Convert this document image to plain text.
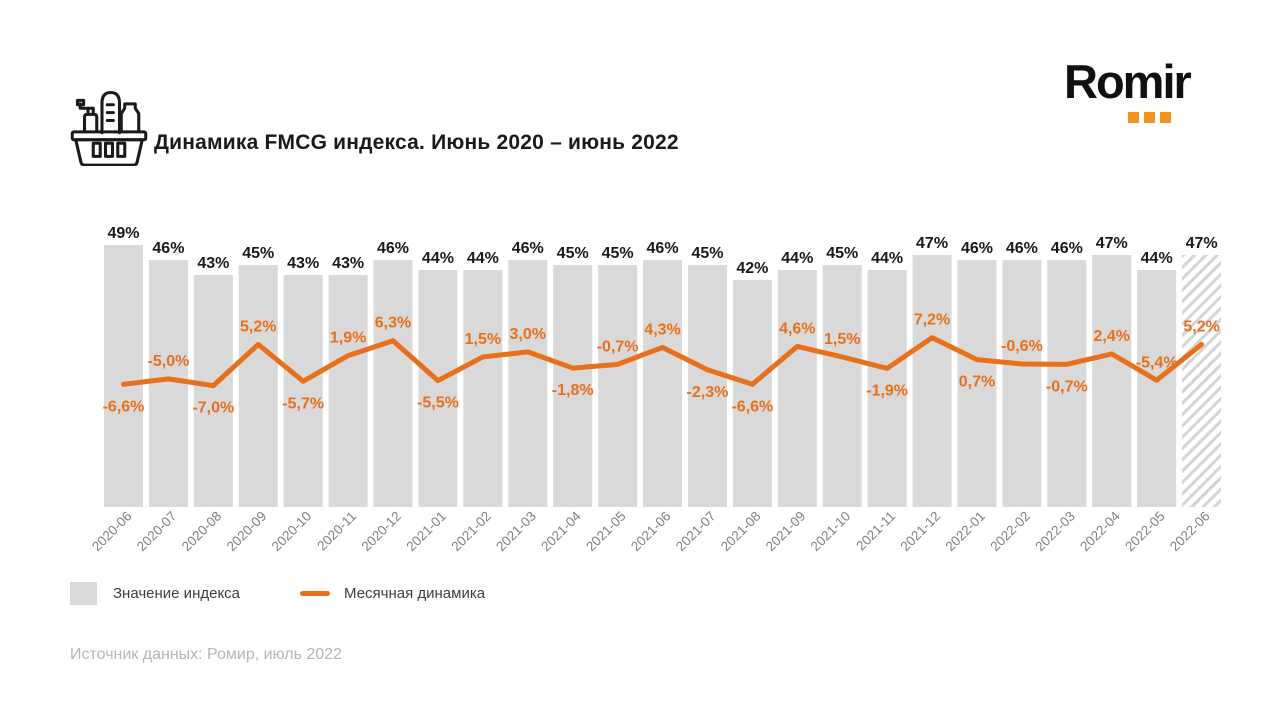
Динамика FMCG индекса. Июнь 2020 – июнь 2022
Romir
49%
46%
43%
45%
43% 43%
46%
44% 44%
46% 45% 45% 46% 45%
42%
44% 45% 44%
47% 46% 46% 46% 47%
44%
47%
2020-06 2020-07 2020-08 2020-09 2020-10 2020-11 2020-12 2021-01 2021-02 2021-03 2021-04 2021-05 2021-06 2021-07 2021-08 2021-09 2021-10 2021-11 2021-12 2022-01 2022-02 2022-03 2022-04 2022-05 2022-06
-6,6%
-5,0%
-7,0%
5,2%
-5,7%
1,9%
6,3%
-5,5%
1,5% 3,0%
-1,8%
-0,7%
4,3%
-2,3%
-6,6%
4,6%
1,5%
-1,9%
7,2%
0,7%
-0,6%
-0,7%
2,4%
-5,4%
5,2%
Значение индекса	Месячная динамика
Источник данных: Ромир, июль 2022
